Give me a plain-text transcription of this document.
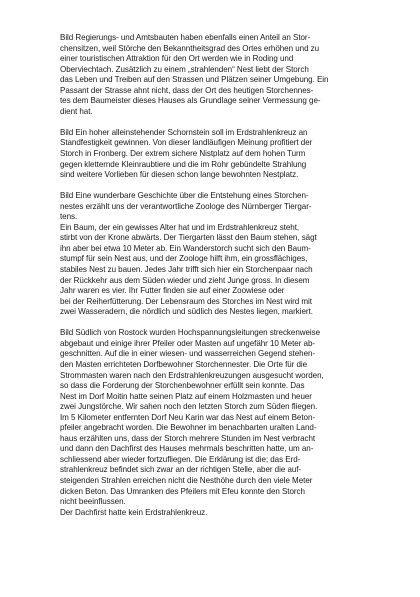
Bild Regierungs- und Amtsbauten haben ebenfalls einen Anteil an Stor-
chensitzen, weil Störche den Bekanntheitsgrad des Ortes erhöhen und zu
einer touristischen Attraktion für den Ort werden wie in Roding und
Oberviechtach. Zusätzlich zu einem „strahlenden“ Nest liebt der Storch
das Leben und Treiben auf den Strassen und Plätzen seiner Umgebung. Ein
Passant der Strasse ahnt nicht, dass der Ort des heutigen Storchennes-
tes dem Baumeister dieses Hauses als Grundlage seiner Vermessung ge-
dient hat.
Bild Ein hoher alleinstehender Schornstein soll im Erdstrahlenkreuz an
Standfestigkeit gewinnen. Von dieser landläufigen Meinung profitiert der
Storch in Fronberg. Der extrem sichere Nistplatz auf dem hohen Turm
gegen kletternde Kleinraubtiere und die im Rohr gebündelte Strahlung
sind weitere Vorlieben für diesen schon lange bewohnten Nestplatz.
Bild Eine wunderbare Geschichte über die Entstehung eines Storchen-
nestes erzählt uns der verantwortliche Zoologe des Nürnberger Tiergar-
tens.
Ein Baum, der ein gewisses Alter hat und im Erdstrahlenkreuz steht,
stirbt von der Krone abwärts. Der Tiergarten lässt den Baum stehen, sägt
ihn aber bei etwa 10 Meter ab. Ein Wanderstorch sucht sich den Baum-
stumpf für sein Nest aus, und der Zoologe hilft ihm, ein grossflächiges,
stabiles Nest zu bauen. Jedes Jahr trifft sich hier ein Storchenpaar nach
der Rückkehr aus dem Süden wieder und zieht Junge gross. In diesem
Jahr waren es vier. Ihr Futter finden sie auf einer Zoowiese oder
bei der Reiherfütterung. Der Lebensraum des Storches im Nest wird mit
zwei Wasseradern, die nördlich und südlich des Nestes liegen, markiert.
Bild Südlich von Rostock wurden Hochspannungsleitungen streckenweise
abgebaut und einige ihrer Pfeiler oder Masten auf ungefähr 10 Meter ab-
geschnitten. Auf die in einer wiesen- und wasserreichen Gegend stehen-
den Masten errichteten Dorfbewohner Storchennester. Die Orte für die
Strommasten waren nach den Erdstrahlenkreuzungen ausgesucht worden,
so dass die Forderung der Storchenbewohner erfüllt sein konnte. Das
Nest im Dorf Moitin hatte seinen Platz auf einem Holzmasten und heuer
zwei Jungstörche. Wir sahen noch den letzten Storch zum Süden fliegen.
Im 5 Kilometer entfernten Dorf Neu Karin war das Nest auf einem Beton-
pfeiler angebracht worden. Die Bewohner im benachbarten uralten Land-
haus erzählten uns, dass der Storch mehrere Stunden im Nest verbracht
und dann den Dachfirst des Hauses mehrmals beschritten hatte, um an-
schliessend aber wieder fortzufliegen. Die Erklärung ist die; das Erd-
strahlenkreuz befindet sich zwar an der richtigen Stelle, aber die auf-
steigenden Strahlen erreichen nicht die Nesthöhe durch den viele Meter
dicken Beton. Das Umranken des Pfeilers mit Efeu konnte den Storch
nicht beeinflussen.
Der Dachfirst hatte kein Erdstrahlenkreuz.
